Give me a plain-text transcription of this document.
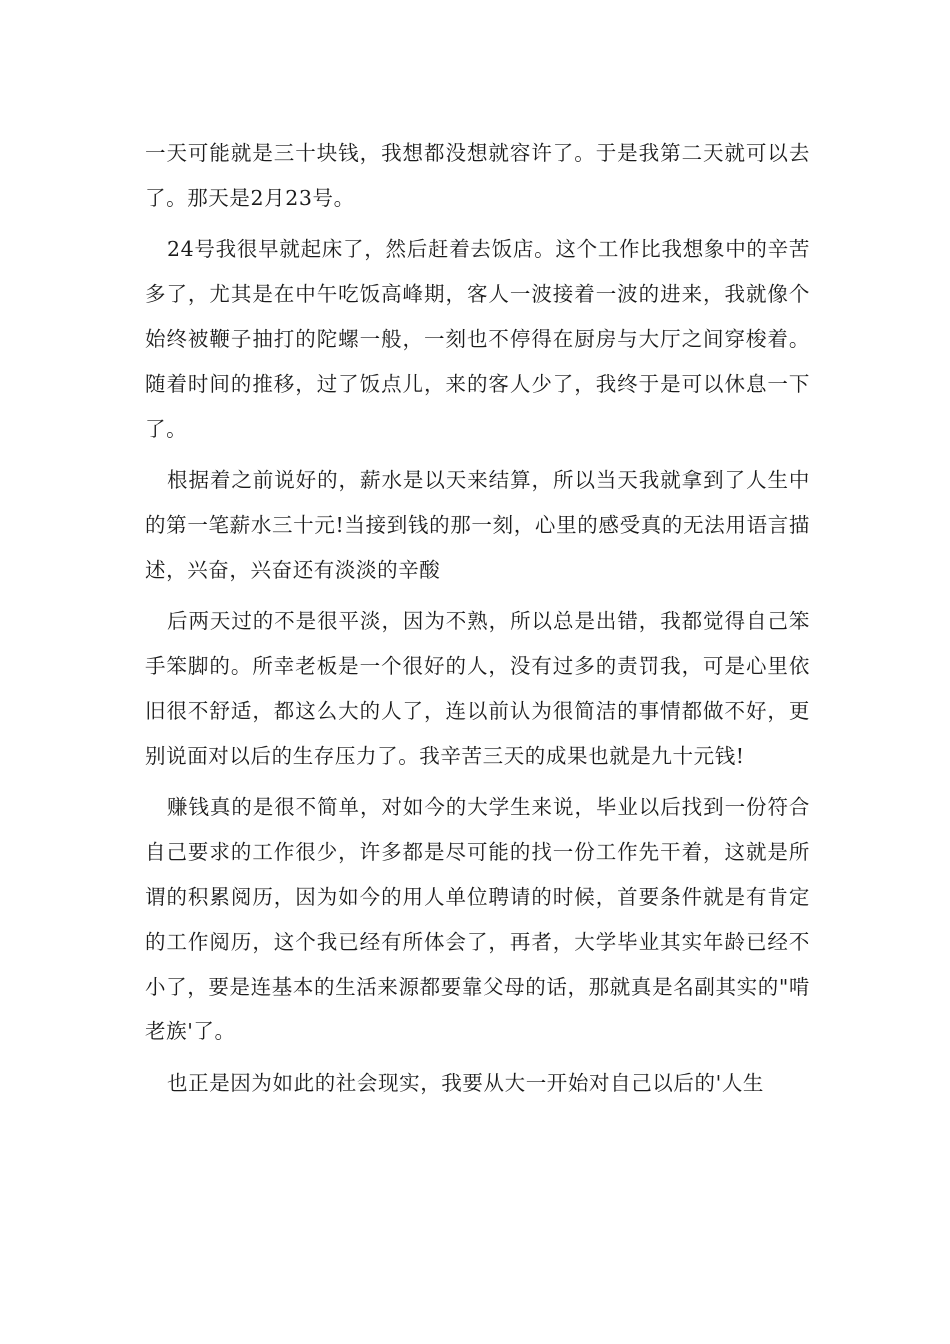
一天可能就是三十块钱，我想都没想就容许了。于是我第二天就可以去了。那天是2月23号。

24号我很早就起床了，然后赶着去饭店。这个工作比我想象中的辛苦多了，尤其是在中午吃饭高峰期，客人一波接着一波的进来，我就像个始终被鞭子抽打的陀螺一般，一刻也不停得在厨房与大厅之间穿梭着。随着时间的推移，过了饭点儿，来的客人少了，我终于是可以休息一下了。

根据着之前说好的，薪水是以天来结算，所以当天我就拿到了人生中的第一笔薪水三十元!当接到钱的那一刻，心里的感受真的无法用语言描述，兴奋，兴奋还有淡淡的辛酸

后两天过的不是很平淡，因为不熟，所以总是出错，我都觉得自己笨手笨脚的。所幸老板是一个很好的人，没有过多的责罚我，可是心里依旧很不舒适，都这么大的人了，连以前认为很简洁的事情都做不好，更别说面对以后的生存压力了。我辛苦三天的成果也就是九十元钱!

赚钱真的是很不简单，对如今的大学生来说，毕业以后找到一份符合自己要求的工作很少，许多都是尽可能的找一份工作先干着，这就是所谓的积累阅历，因为如今的用人单位聘请的时候，首要条件就是有肯定的工作阅历，这个我已经有所体会了，再者，大学毕业其实年龄已经不小了，要是连基本的生活来源都要靠父母的话，那就真是名副其实的"啃老族'了。

也正是因为如此的社会现实，我要从大一开始对自己以后的'人生
